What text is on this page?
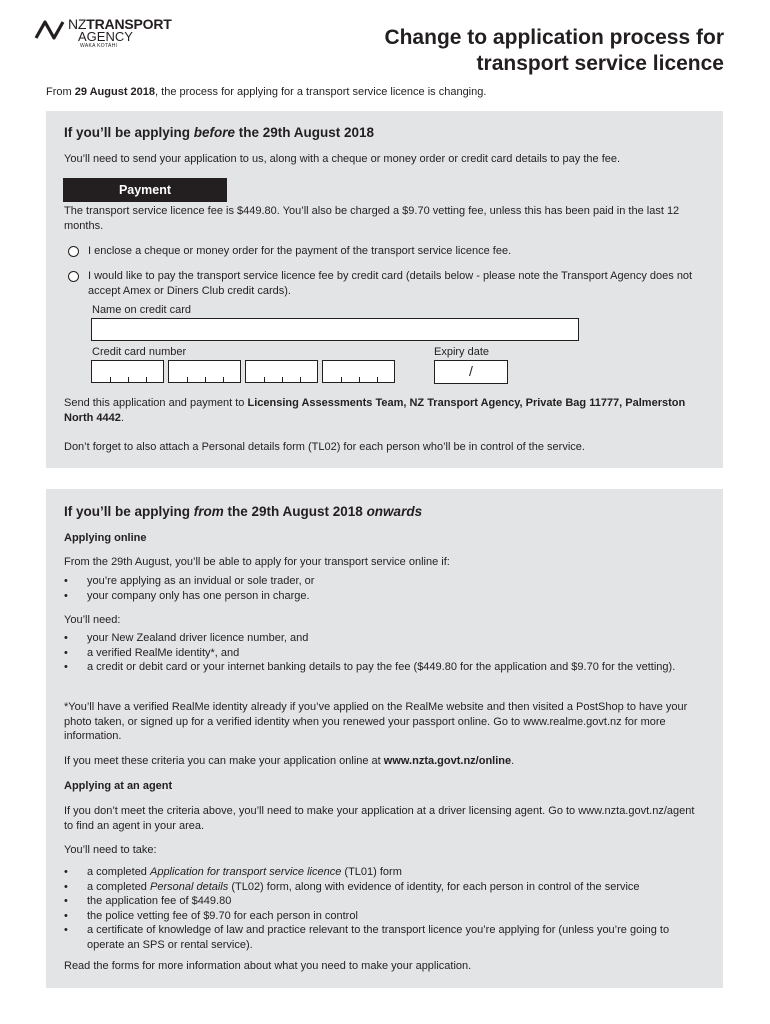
NZTRANSPORT
AGENCY
WAKA KOTAHI	Change to application process for
transport service licence
From 29 August 2018, the process for applying for a transport service licence is changing.
If you’ll be applying before the 29th August 2018
You’ll need to send your application to us, along with a cheque or money order or credit card details to pay the fee.
Payment
The transport service licence fee is $449.80. You’ll also be charged a $9.70 vetting fee, unless this has been paid in the last 12 months.
I enclose a cheque or money order for the payment of the transport service licence fee.
I would like to pay the transport service licence fee by credit card (details below - please note the Transport Agency does not accept Amex or Diners Club credit cards).
Name on credit card
Credit card number	Expiry date
/
Send this application and payment to Licensing Assessments Team, NZ Transport Agency, Private Bag 11777, Palmerston North 4442.
Don’t forget to also attach a Personal details form (TL02) for each person who’ll be in control of the service.
If you’ll be applying from the 29th August 2018 onwards
Applying online
From the 29th August, you’ll be able to apply for your transport service online if:
• you’re applying as an invidual or sole trader, or
• your company only has one person in charge.
You’ll need:
• your New Zealand driver licence number, and
• a verified RealMe identity*, and
• a credit or debit card or your internet banking details to pay the fee ($449.80 for the application and $9.70 for the vetting).
*You’ll have a verified RealMe identity already if you’ve applied on the RealMe website and then visited a PostShop to have your photo taken, or signed up for a verified identity when you renewed your passport online. Go to www.realme.govt.nz for more information.
If you meet these criteria you can make your application online at www.nzta.govt.nz/online.
Applying at an agent
If you don’t meet the criteria above, you’ll need to make your application at a driver licensing agent. Go to www.nzta.govt.nz/agent to find an agent in your area.
You’ll need to take:
• a completed Application for transport service licence (TL01) form
• a completed Personal details (TL02) form, along with evidence of identity, for each person in control of the service
• the application fee of $449.80
• the police vetting fee of $9.70 for each person in control
• a certificate of knowledge of law and practice relevant to the transport licence you’re applying for (unless you’re going to operate an SPS or rental service).
Read the forms for more information about what you need to make your application.
